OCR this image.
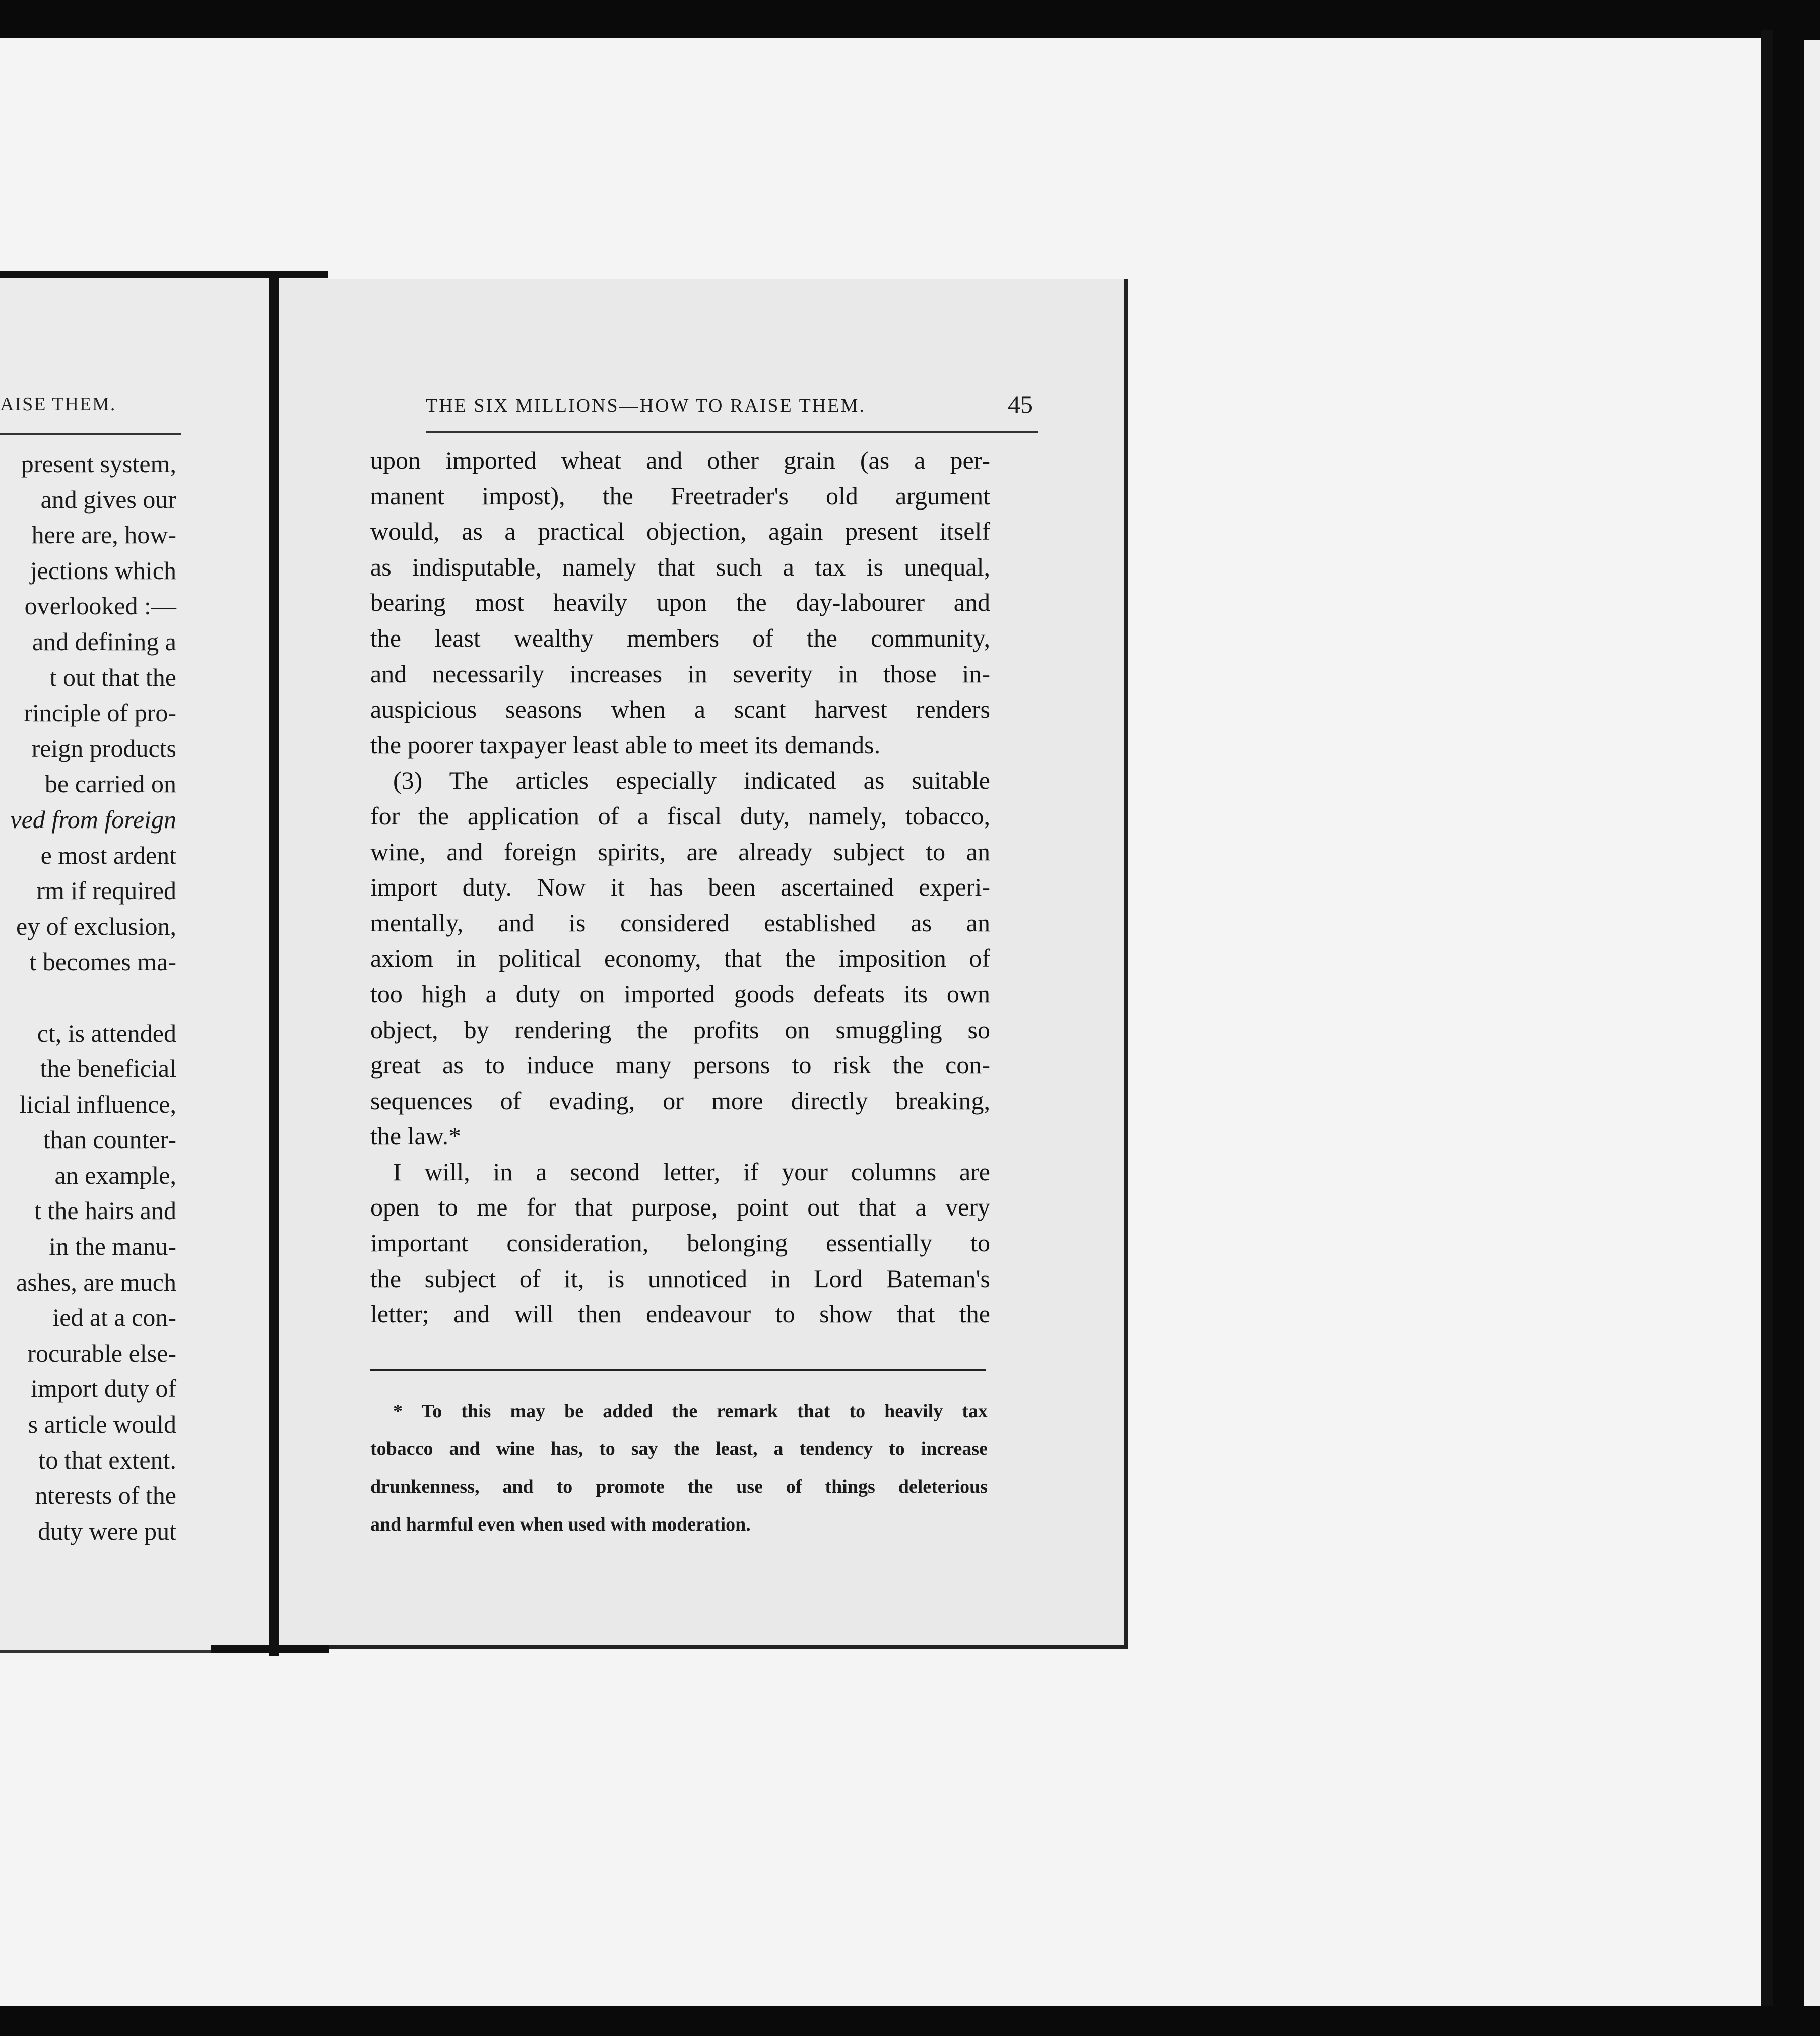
AISE THEM.
present system,
and gives our
here are, how-
jections which
overlooked :—
and defining a
t out that the
rinciple of pro-
reign products
be carried on
ved from foreign
e most ardent
rm if required
ey of exclusion,
t becomes ma-
ct, is attended
the beneficial
licial influence,
than counter-
an example,
t the hairs and
in the manu-
ashes, are much
ied at a con-
rocurable else-
import duty of
s article would
to that extent.
nterests of the
duty were put
THE SIX MILLIONS—HOW TO RAISE THEM.	45
upon imported wheat and other grain (as a per-
manent impost), the Freetrader's old argument
would, as a practical objection, again present itself
as indisputable, namely that such a tax is unequal,
bearing most heavily upon the day-labourer and
the least wealthy members of the community,
and necessarily increases in severity in those in-
auspicious seasons when a scant harvest renders
the poorer taxpayer least able to meet its demands.
(3) The articles especially indicated as suitable
for the application of a fiscal duty, namely, tobacco,
wine, and foreign spirits, are already subject to an
import duty. Now it has been ascertained experi-
mentally, and is considered established as an
axiom in political economy, that the imposition of
too high a duty on imported goods defeats its own
object, by rendering the profits on smuggling so
great as to induce many persons to risk the con-
sequences of evading, or more directly breaking,
the law.*
I will, in a second letter, if your columns are
open to me for that purpose, point out that a very
important consideration, belonging essentially to
the subject of it, is unnoticed in Lord Bateman's
letter; and will then endeavour to show that the
* To this may be added the remark that to heavily tax
tobacco and wine has, to say the least, a tendency to increase
drunkenness, and to promote the use of things deleterious
and harmful even when used with moderation.
